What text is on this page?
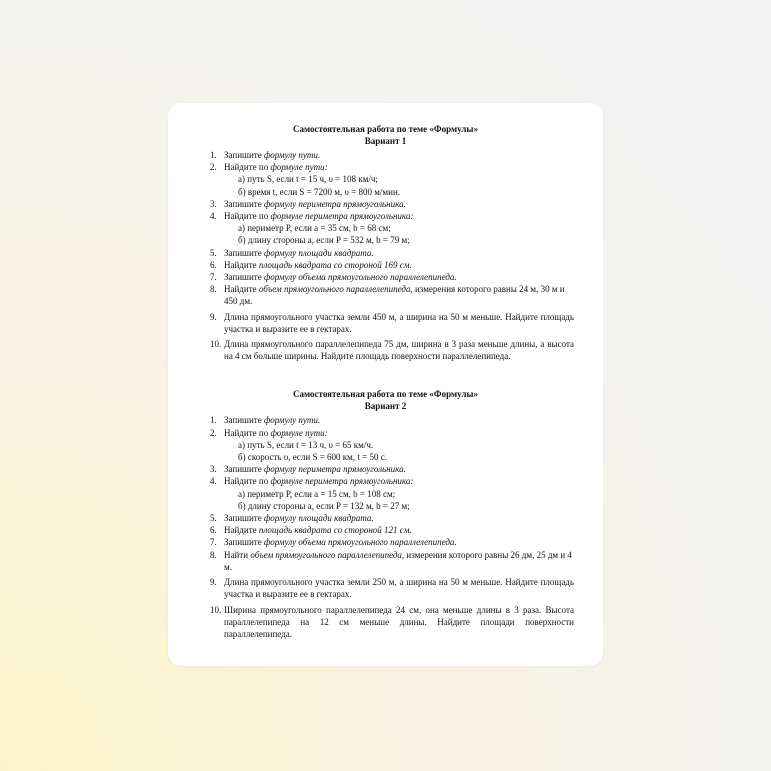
Самостоятельная работа по теме «Формулы»
Вариант 1
1. Запишите формулу пути.
2. Найдите по формуле пути:
а) путь S, если t = 15 ч, υ = 108 км/ч;
б) время t, если S = 7200 м, υ = 800 м/мин.
3. Запишите формулу периметра прямоугольника.
4. Найдите по формуле периметра прямоугольника:
а) периметр P, если a = 35 см, b = 68 см;
б) длину стороны a, если P = 532 м, b = 79 м;
5. Запишите формулу площади квадрата.
6. Найдите площадь квадрата со стороной 169 см.
7. Запишите формулу объема прямоугольного параллелепипеда.
8. Найдите объем прямоугольного параллелепипеда, измерения которого равны 24 м, 30 м и 450 дм.
9. Длина прямоугольного участка земли 450 м, а ширина на 50 м меньше. Найдите площадь участка и выразите ее в гектарах.
10. Длина прямоугольного параллелепипеда 75 дм, ширина в 3 раза меньше длины, а высота на 4 см больше ширины. Найдите площадь поверхности параллелепипеда.
Самостоятельная работа по теме «Формулы»
Вариант 2
1. Запишите формулу пути.
2. Найдите по формуле пути:
а) путь S, если t = 13 ч, υ = 65 км/ч.
б) скорость υ, если S = 600 км, t = 50 с.
3. Запишите формулу периметра прямоугольника.
4. Найдите по формуле периметра прямоугольника:
а) периметр P, если a = 15 см, b = 108 см;
б) длину стороны a, если P = 132 м, b = 27 м;
5. Запишите формулу площади квадрата.
6. Найдите площадь квадрата со стороной 121 см.
7. Запишите формулу объема прямоугольного параллелепипеда.
8. Найти объем прямоугольного параллелепипеда, измерения которого равны 26 дм, 25 дм и 4 м.
9. Длина прямоугольного участка земли 250 м, а ширина на 50 м меньше. Найдите площадь участка и выразите ее в гектарах.
10. Ширина прямоугольного параллелепипеда 24 см, она меньше длины в 3 раза. Высота параллелепипеда на 12 см меньше длины. Найдите площади поверхности параллелепипеда.
